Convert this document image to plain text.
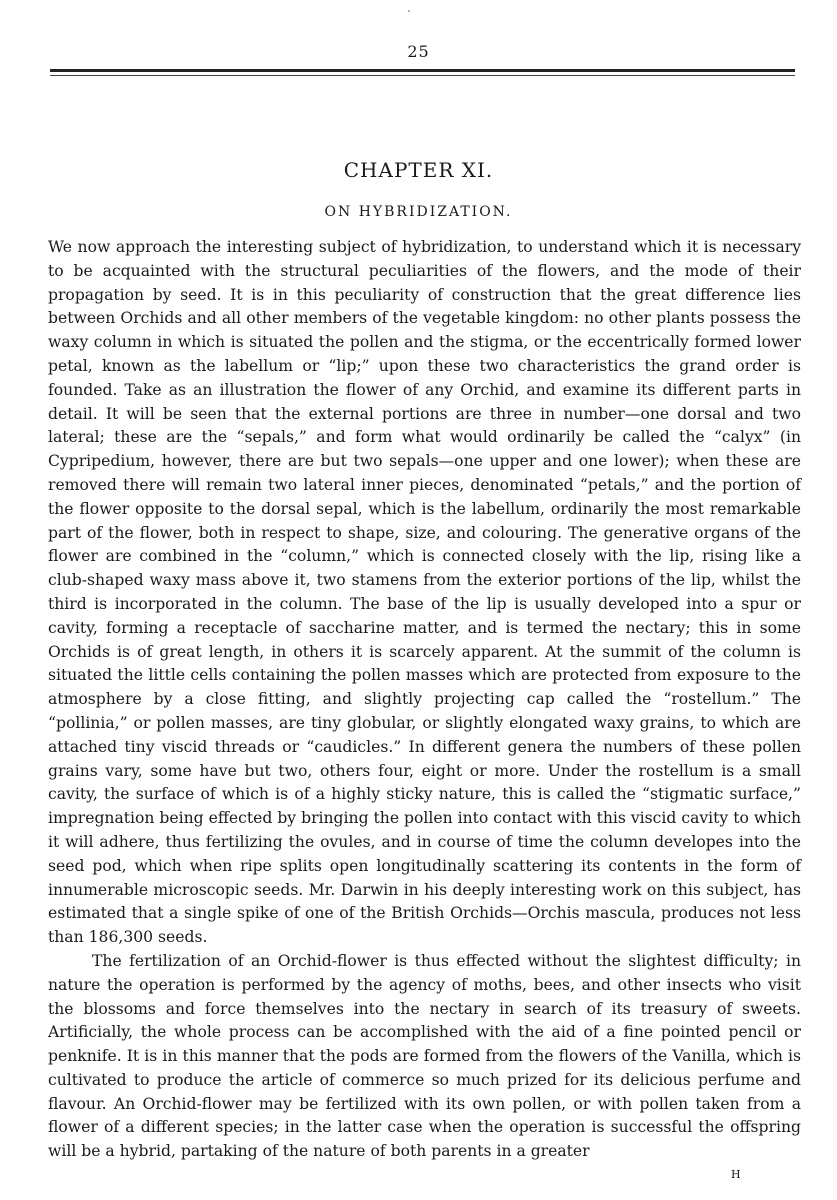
25
CHAPTER XI.
ON HYBRIDIZATION.

We now approach the interesting subject of hybridization, to understand which it is necessary to be acquainted with the structural peculiarities of the flowers, and the mode of their propagation by seed. It is in this peculiarity of construction that the great difference lies between Orchids and all other members of the vegetable kingdom: no other plants possess the waxy column in which is situated the pollen and the stigma, or the eccentrically formed lower petal, known as the labellum or “lip;” upon these two characteristics the grand order is founded. Take as an illustration the flower of any Orchid, and examine its different parts in detail. It will be seen that the external portions are three in number—one dorsal and two lateral; these are the “sepals,” and form what would ordinarily be called the “calyx” (in Cypripedium, however, there are but two sepals—one upper and one lower); when these are removed there will remain two lateral inner pieces, denominated “petals,” and the portion of the flower opposite to the dorsal sepal, which is the labellum, ordinarily the most remarkable part of the flower, both in respect to shape, size, and colouring. The generative organs of the flower are combined in the “column,” which is connected closely with the lip, rising like a club-shaped waxy mass above it, two stamens from the exterior portions of the lip, whilst the third is incorporated in the column. The base of the lip is usually developed into a spur or cavity, forming a receptacle of saccharine matter, and is termed the nectary; this in some Orchids is of great length, in others it is scarcely apparent. At the summit of the column is situated the little cells containing the pollen masses which are protected from exposure to the atmosphere by a close fitting, and slightly projecting cap called the “rostellum.” The “pollinia,” or pollen masses, are tiny globular, or slightly elongated waxy grains, to which are attached tiny viscid threads or “caudicles.” In different genera the numbers of these pollen grains vary, some have but two, others four, eight or more. Under the rostellum is a small cavity, the surface of which is of a highly sticky nature, this is called the “stigmatic surface,” impregnation being effected by bringing the pollen into contact with this viscid cavity to which it will adhere, thus fertilizing the ovules, and in course of time the column developes into the seed pod, which when ripe splits open longitudinally scattering its contents in the form of innumerable microscopic seeds. Mr. Darwin in his deeply interesting work on this subject, has estimated that a single spike of one of the British Orchids—Orchis mascula, produces not less than 186,300 seeds.

The fertilization of an Orchid-flower is thus effected without the slightest difficulty; in nature the operation is performed by the agency of moths, bees, and other insects who visit the blossoms and force themselves into the nectary in search of its treasury of sweets. Artificially, the whole process can be accomplished with the aid of a fine pointed pencil or penknife. It is in this manner that the pods are formed from the flowers of the Vanilla, which is cultivated to produce the article of commerce so much prized for its delicious perfume and flavour. An Orchid-flower may be fertilized with its own pollen, or with pollen taken from a flower of a different species; in the latter case when the operation is successful the offspring will be a hybrid, partaking of the nature of both parents in a greater

H
